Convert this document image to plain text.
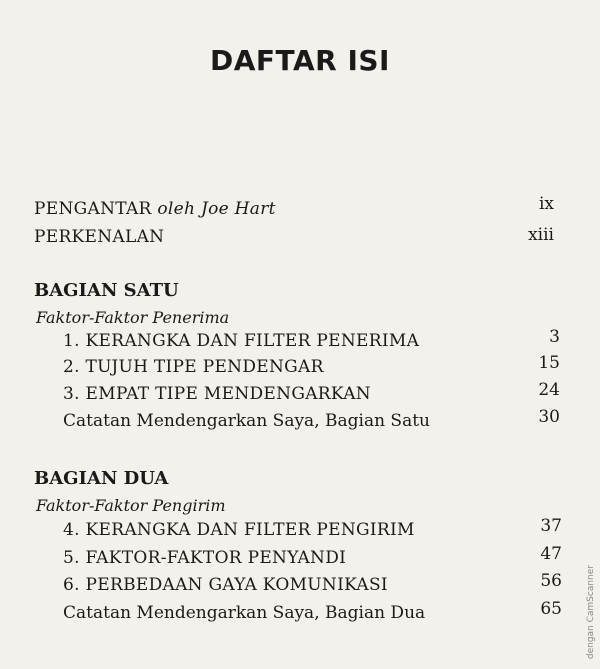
DAFTAR ISI
PENGANTAR oleh Joe Hart	ix
PERKENALAN	xiii
BAGIAN SATU
Faktor-Faktor Penerima
1. KERANGKA DAN FILTER PENERIMA	3
2. TUJUH TIPE PENDENGAR	15
3. EMPAT TIPE MENDENGARKAN	24
Catatan Mendengarkan Saya, Bagian Satu	30
BAGIAN DUA
Faktor-Faktor Pengirim
4. KERANGKA DAN FILTER PENGIRIM	37
5. FAKTOR-FAKTOR PENYANDI	47
6. PERBEDAAN GAYA KOMUNIKASI	56
Catatan Mendengarkan Saya, Bagian Dua	65	dengan CamScanner
